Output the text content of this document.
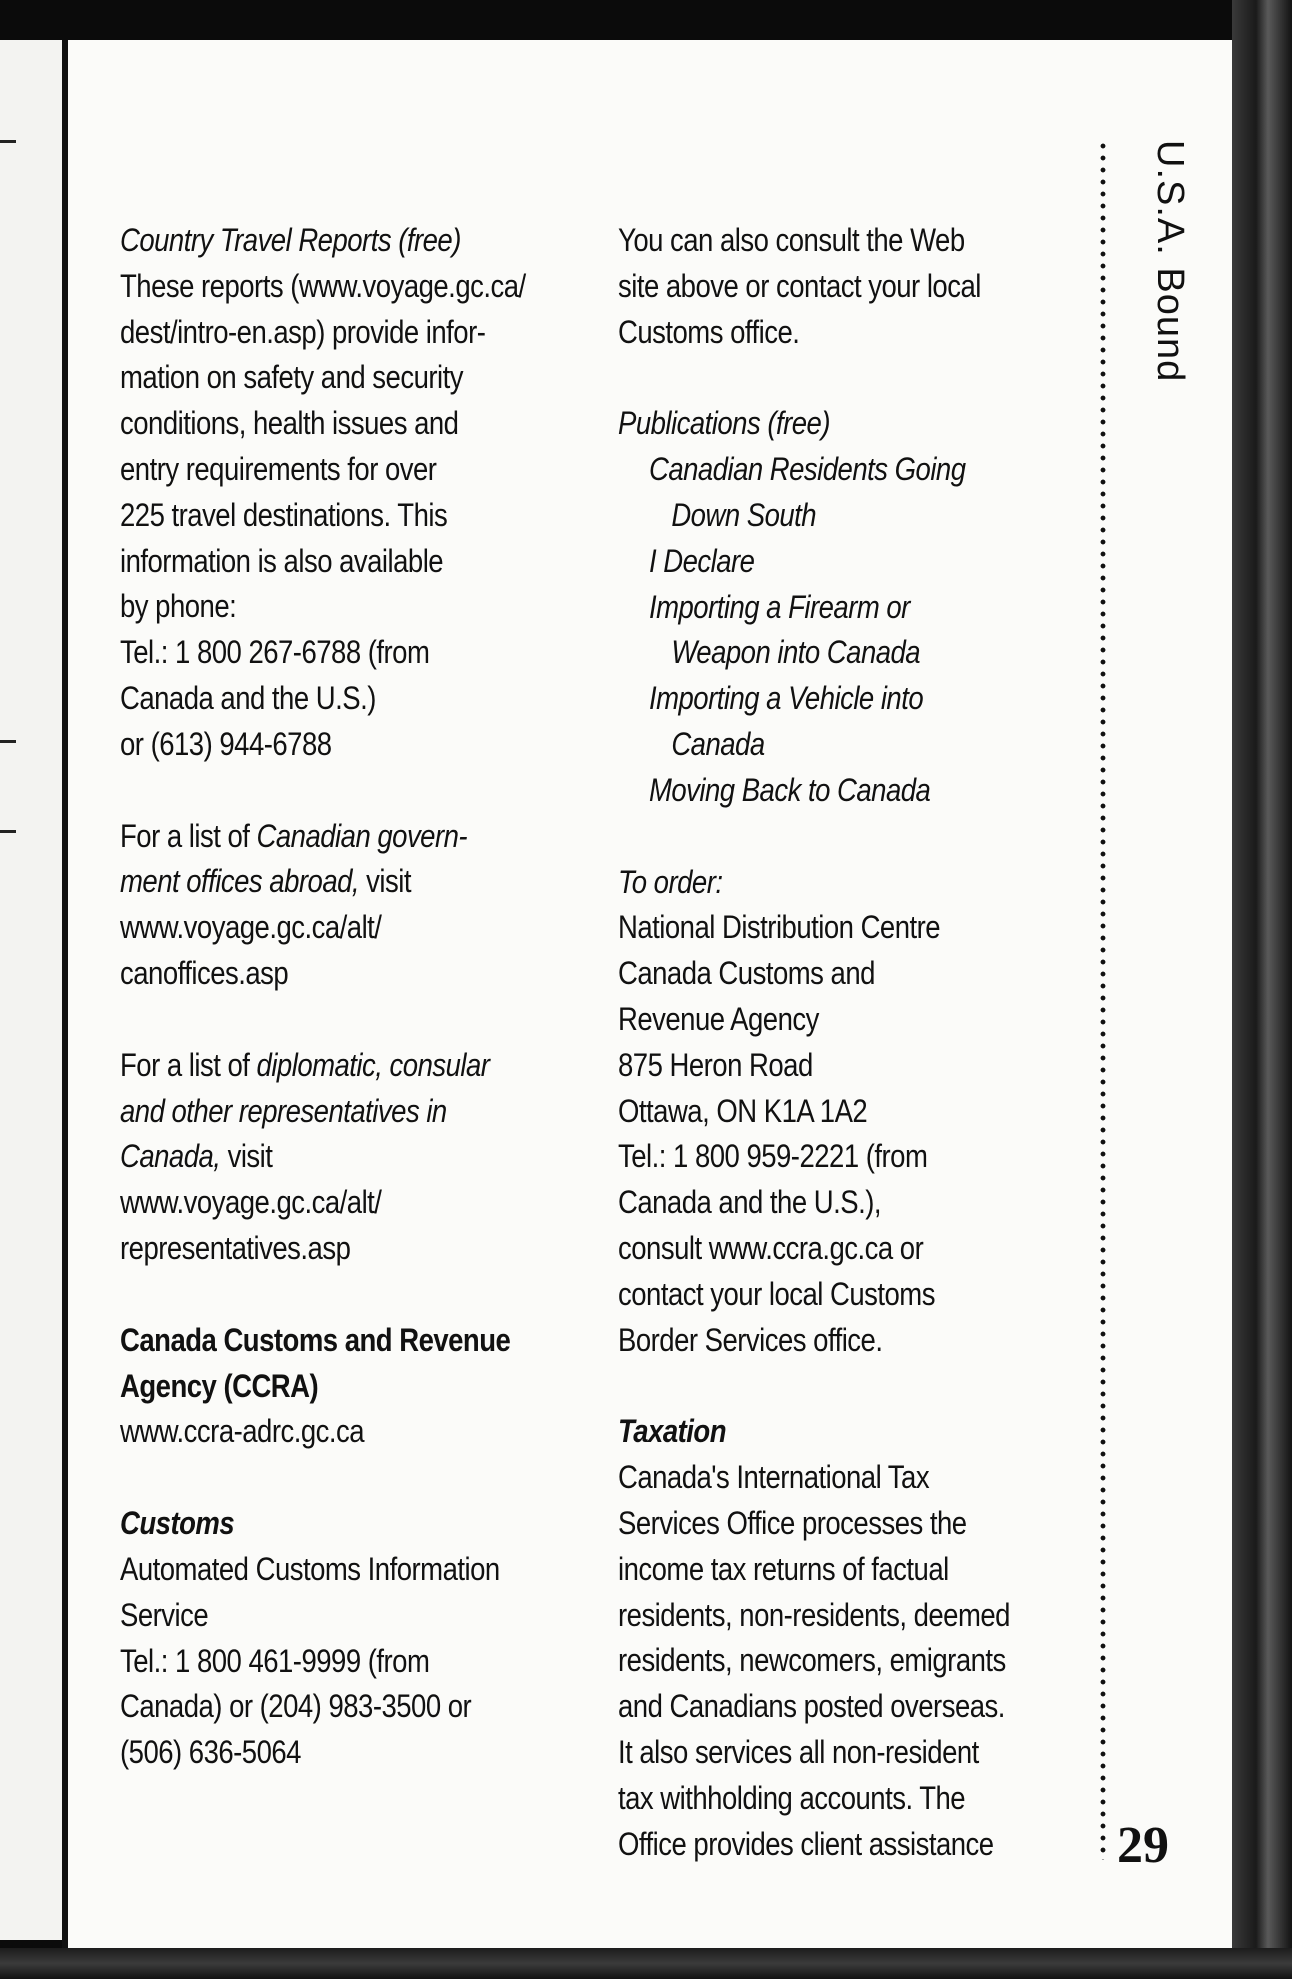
Country Travel Reports (free)

These reports (www.voyage.gc.ca/

dest/intro-en.asp) provide infor-

mation on safety and security

conditions, health issues and

entry requirements for over

225 travel destinations. This

information is also available

by phone:

Tel.: 1 800 267-6788 (from

Canada and the U.S.)

or (613) 944-6788

For a list of Canadian govern-

ment offices abroad, visit

www.voyage.gc.ca/alt/

canoffices.asp

For a list of diplomatic, consular

and other representatives in

Canada, visit

www.voyage.gc.ca/alt/

representatives.asp

Canada Customs and Revenue

Agency (CCRA)

www.ccra-adrc.gc.ca

Customs

Automated Customs Information

Service

Tel.: 1 800 461-9999 (from

Canada) or (204) 983-3500 or

(506) 636-5064

You can also consult the Web

site above or contact your local

Customs office.

Publications (free)

Canadian Residents Going

Down South

I Declare

Importing a Firearm or

Weapon into Canada

Importing a Vehicle into

Canada

Moving Back to Canada

To order:

National Distribution Centre

Canada Customs and

Revenue Agency

875 Heron Road

Ottawa, ON K1A 1A2

Tel.: 1 800 959-2221 (from

Canada and the U.S.),

consult www.ccra.gc.ca or

contact your local Customs

Border Services office.

Taxation

Canada's International Tax

Services Office processes the

income tax returns of factual

residents, non-residents, deemed

residents, newcomers, emigrants

and Canadians posted overseas.

It also services all non-resident

tax withholding accounts. The

Office provides client assistance

U.S.A. Bound
29
